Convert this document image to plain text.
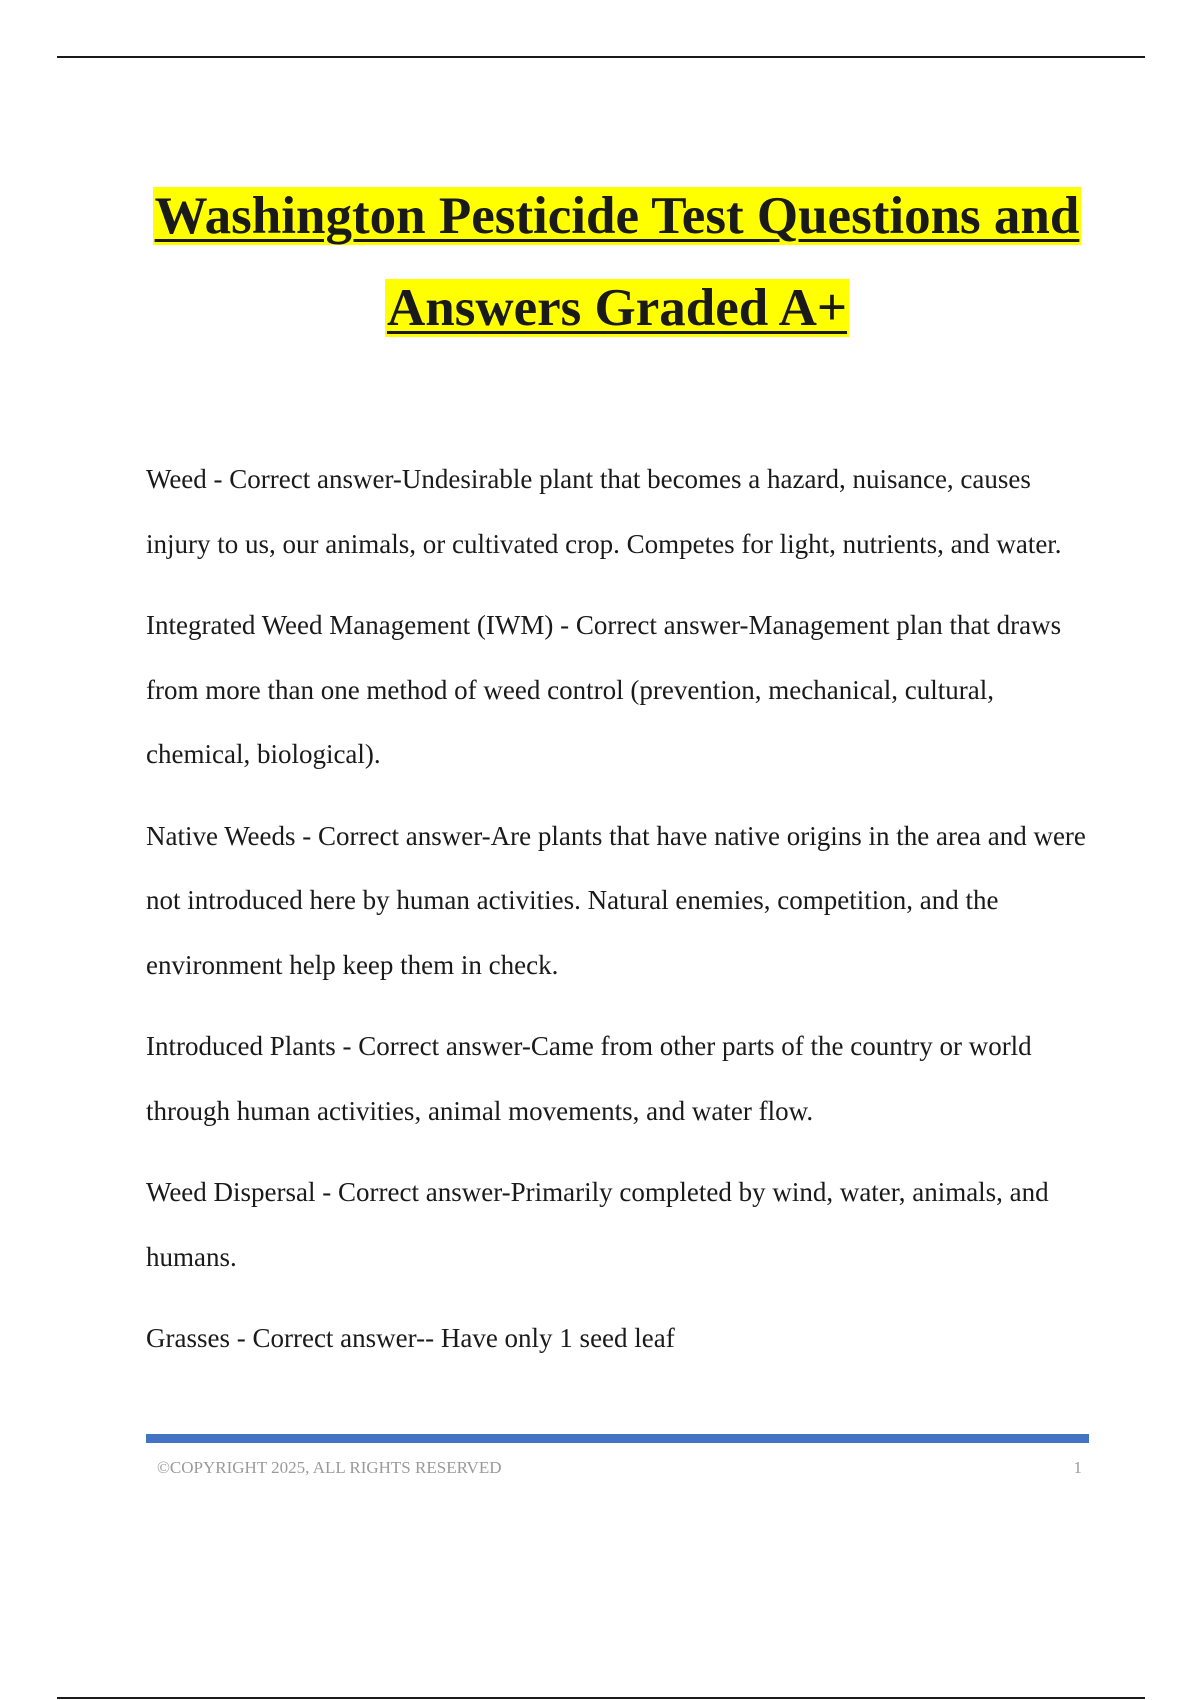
Washington Pesticide Test Questions and
Answers Graded A+

Weed - Correct answer-Undesirable plant that becomes a hazard, nuisance, causes injury to us, our animals, or cultivated crop. Competes for light, nutrients, and water.

Integrated Weed Management (IWM) - Correct answer-Management plan that draws from more than one method of weed control (prevention, mechanical, cultural, chemical, biological).

Native Weeds - Correct answer-Are plants that have native origins in the area and were not introduced here by human activities. Natural enemies, competition, and the environment help keep them in check.

Introduced Plants - Correct answer-Came from other parts of the country or world through human activities, animal movements, and water flow.

Weed Dispersal - Correct answer-Primarily completed by wind, water, animals, and humans.

Grasses - Correct answer-- Have only 1 seed leaf

©COPYRIGHT 2025, ALL RIGHTS RESERVED	1
